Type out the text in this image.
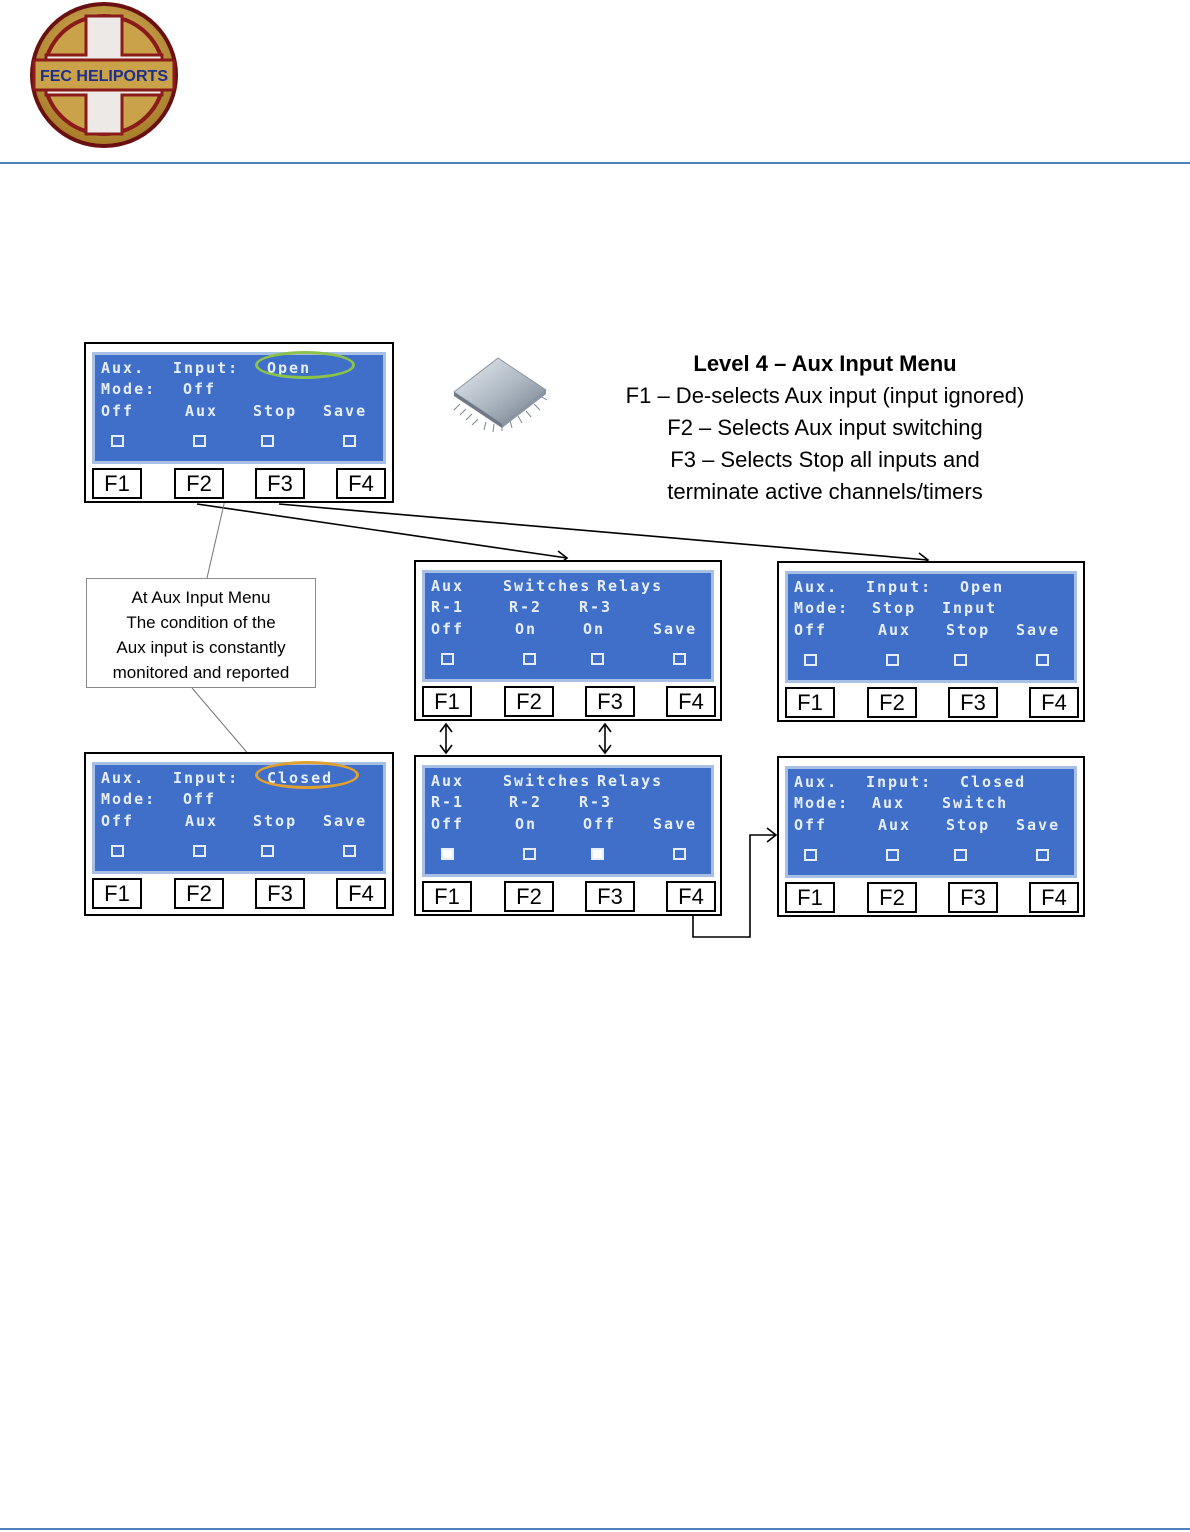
FEC HELIPORTS
Aux. Input: Open
Mode: Off
Off	Aux Stop Save
F1	F2	F3	F4
Aux. Input: Closed
Mode: Off
Off	Aux Stop Save
F1	F2	F3	F4
Aux	Switches Relays
R-1	R-2 R-3
Off	On	On	Save
F1	F2	F3	F4
Aux	Switches Relays
R-1	R-2 R-3
Off	On	Off Save
F1	F2	F3	F4
Aux. Input: Open
Mode: Stop Input
Off	Aux Stop Save
F1	F2	F3	F4
Aux. Input: Closed
Mode: Aux Switch
Off	Aux Stop Save
F1	F2	F3	F4
At Aux Input Menu
The condition of the
Aux input is constantly
monitored and reported
Level 4 – Aux Input Menu
F1 – De-selects Aux input (input ignored)
F2 – Selects Aux input switching
F3 – Selects Stop all inputs and
terminate active channels/timers
